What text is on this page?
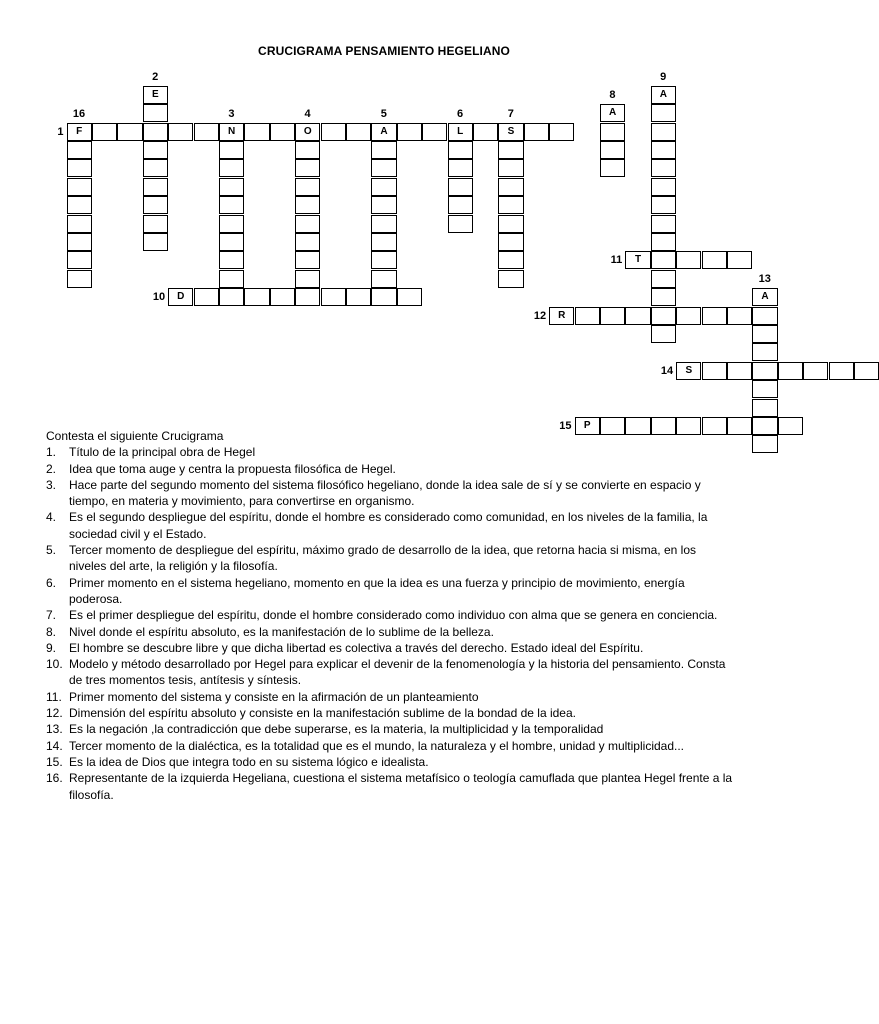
CRUCIGRAMA PENSAMIENTO HEGELIANO
F	N	O	A	L	S
E
A
A
D
T
R
A
S
P
1
2
3	4	5	6	7
8
9
10
11
12
13
14
15
16

Contesta el siguiente Crucigrama

1. Título de la principal obra de Hegel
2. Idea que toma auge y centra la propuesta filosófica de Hegel.
3. Hace parte del segundo momento del sistema filosófico hegeliano, donde la idea sale de sí y se convierte en espacio y tiempo, en materia y movimiento, para convertirse en organismo.
4. Es el segundo despliegue del espíritu, donde el hombre es considerado como comunidad, en los niveles de la familia, la sociedad civil y el Estado.
5. Tercer momento de despliegue del espíritu, máximo grado de desarrollo de la idea, que retorna hacia si misma, en los niveles del arte, la religión y la filosofía.
6. Primer momento en el sistema hegeliano, momento en que la idea es una fuerza y principio de movimiento, energía poderosa.
7. Es el primer despliegue del espíritu, donde el hombre considerado como individuo con alma que se genera en conciencia.
8. Nivel donde el espíritu absoluto, es la manifestación de lo sublime de la belleza.
9. El hombre se descubre libre y que dicha libertad es colectiva a través del derecho. Estado ideal del Espíritu.
10. Modelo y método desarrollado por Hegel para explicar el devenir de la fenomenología y la historia del pensamiento. Consta de tres momentos tesis, antítesis y síntesis.
11. Primer momento del sistema y consiste en la afirmación de un planteamiento
12. Dimensión del espíritu absoluto y consiste en la manifestación sublime de la bondad de la idea.
13. Es la negación ,la contradicción que debe superarse, es la materia, la multiplicidad y la temporalidad
14. Tercer momento de la dialéctica, es la totalidad que es el mundo, la naturaleza y el hombre, unidad y multiplicidad...
15. Es la idea de Dios que integra todo en su sistema lógico e idealista.
16. Representante de la izquierda Hegeliana, cuestiona el sistema metafísico o teología camuflada que plantea Hegel frente a la filosofía.
